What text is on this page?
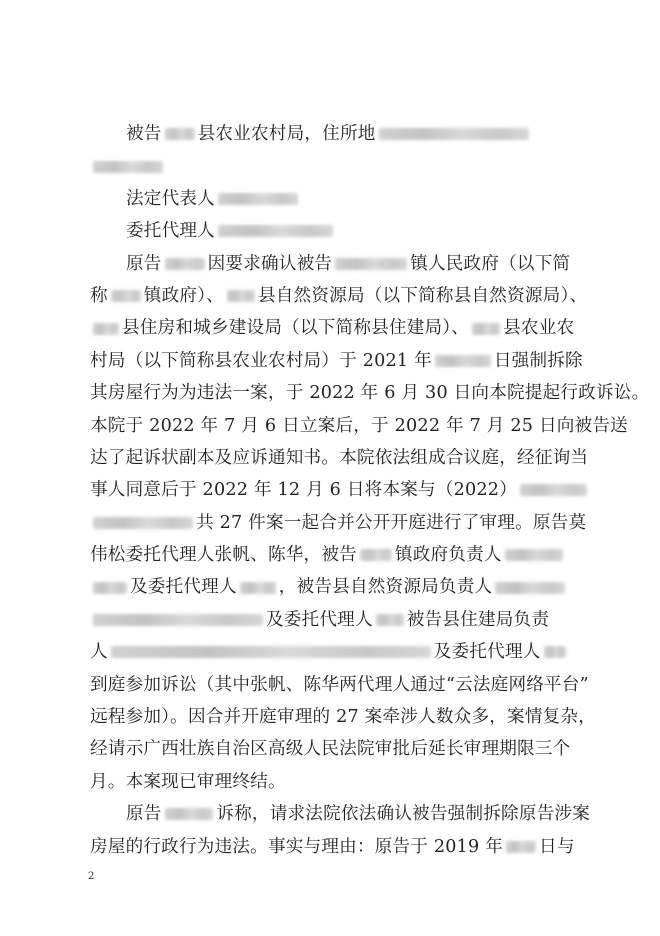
被告 县农业农村局，住所地
法定代表人
委托代理人
原告	因要求确认被告	镇人民政府（以下简
称 镇政府）、 县自然资源局（以下简称县自然资源局）、
县住房和城乡建设局（以下简称县住建局）、 县农业农
村局（以下简称县农业农村局）于 2021 年	日强制拆除
其房屋行为为违法一案，于 2022 年 6 月 30 日向本院提起行政诉讼。
本院于 2022 年 7 月 6 日立案后，于 2022 年 7 月 25 日向被告送
达了起诉状副本及应诉通知书。本院依法组成合议庭，经征询当
事人同意后于 2022 年 12 月 6 日将本案与（2022）
共 27 件案一起合并公开开庭进行了审理。原告莫
伟松委托代理人张帆、陈华，被告 镇政府负责人
及委托代理人 ，被告县自然资源局负责人
及委托代理人 被告县住建局负责
人	及委托代理人
到庭参加诉讼（其中张帆、陈华两代理人通过“云法庭网络平台”
远程参加）。因合并开庭审理的 27 案牵涉人数众多，案情复杂，
经请示广西壮族自治区高级人民法院审批后延长审理期限三个
月。本案现已审理终结。
原告	诉称，请求法院依法确认被告强制拆除原告涉案
房屋的行政行为违法。事实与理由：原告于 2019 年 日与
2
